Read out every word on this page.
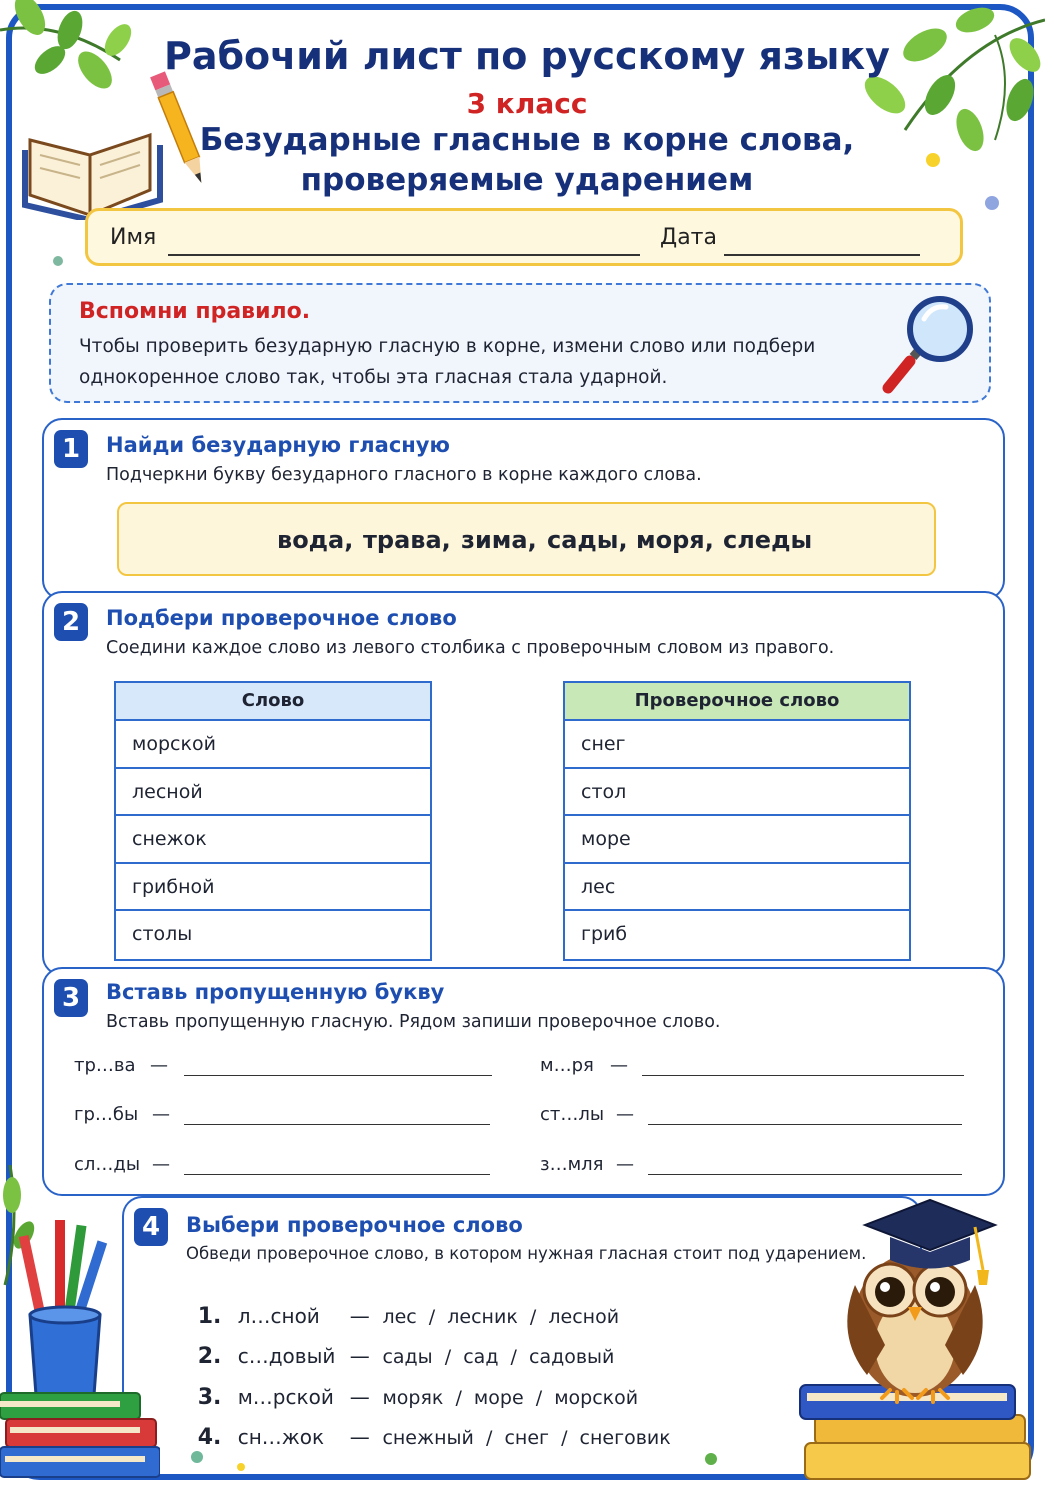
Рабочий лист по русскому языку
3 класс
Безударные гласные в корне слова,
проверяемые ударением
Имя	Дата
Вспомни правило.
Чтобы проверить безударную гласную в корне, измени слово или подбери однокоренное слово так, чтобы эта гласная стала ударной.
1	Найди безударную гласную
Подчеркни букву безударного гласного в корне каждого слова.
вода, трава, зима, сады, моря, следы
2	Подбери проверочное слово
Соедини каждое слово из левого столбика с проверочным словом из правого.
Слово
морской
лесной
снежок
грибной
столы
Проверочное слово
снег
стол
море
лес
гриб
3	Вставь пропущенную букву
Вставь пропущенную гласную. Рядом запиши проверочное слово.
тр…ва —
гр…бы —
сл…ды —
м…ря —
ст…лы —
з…мля —
4	Выбери проверочное слово
Обведи проверочное слово, в котором нужная гласная стоит под ударением.

1. л…сной — лес  /  лесник  /  лесной

2. с…довый — сады  /  сад  /  садовый

3. м…рской — моряк  /  море  /  морской

4. сн…жок — снежный  /  снег  /  снеговик
